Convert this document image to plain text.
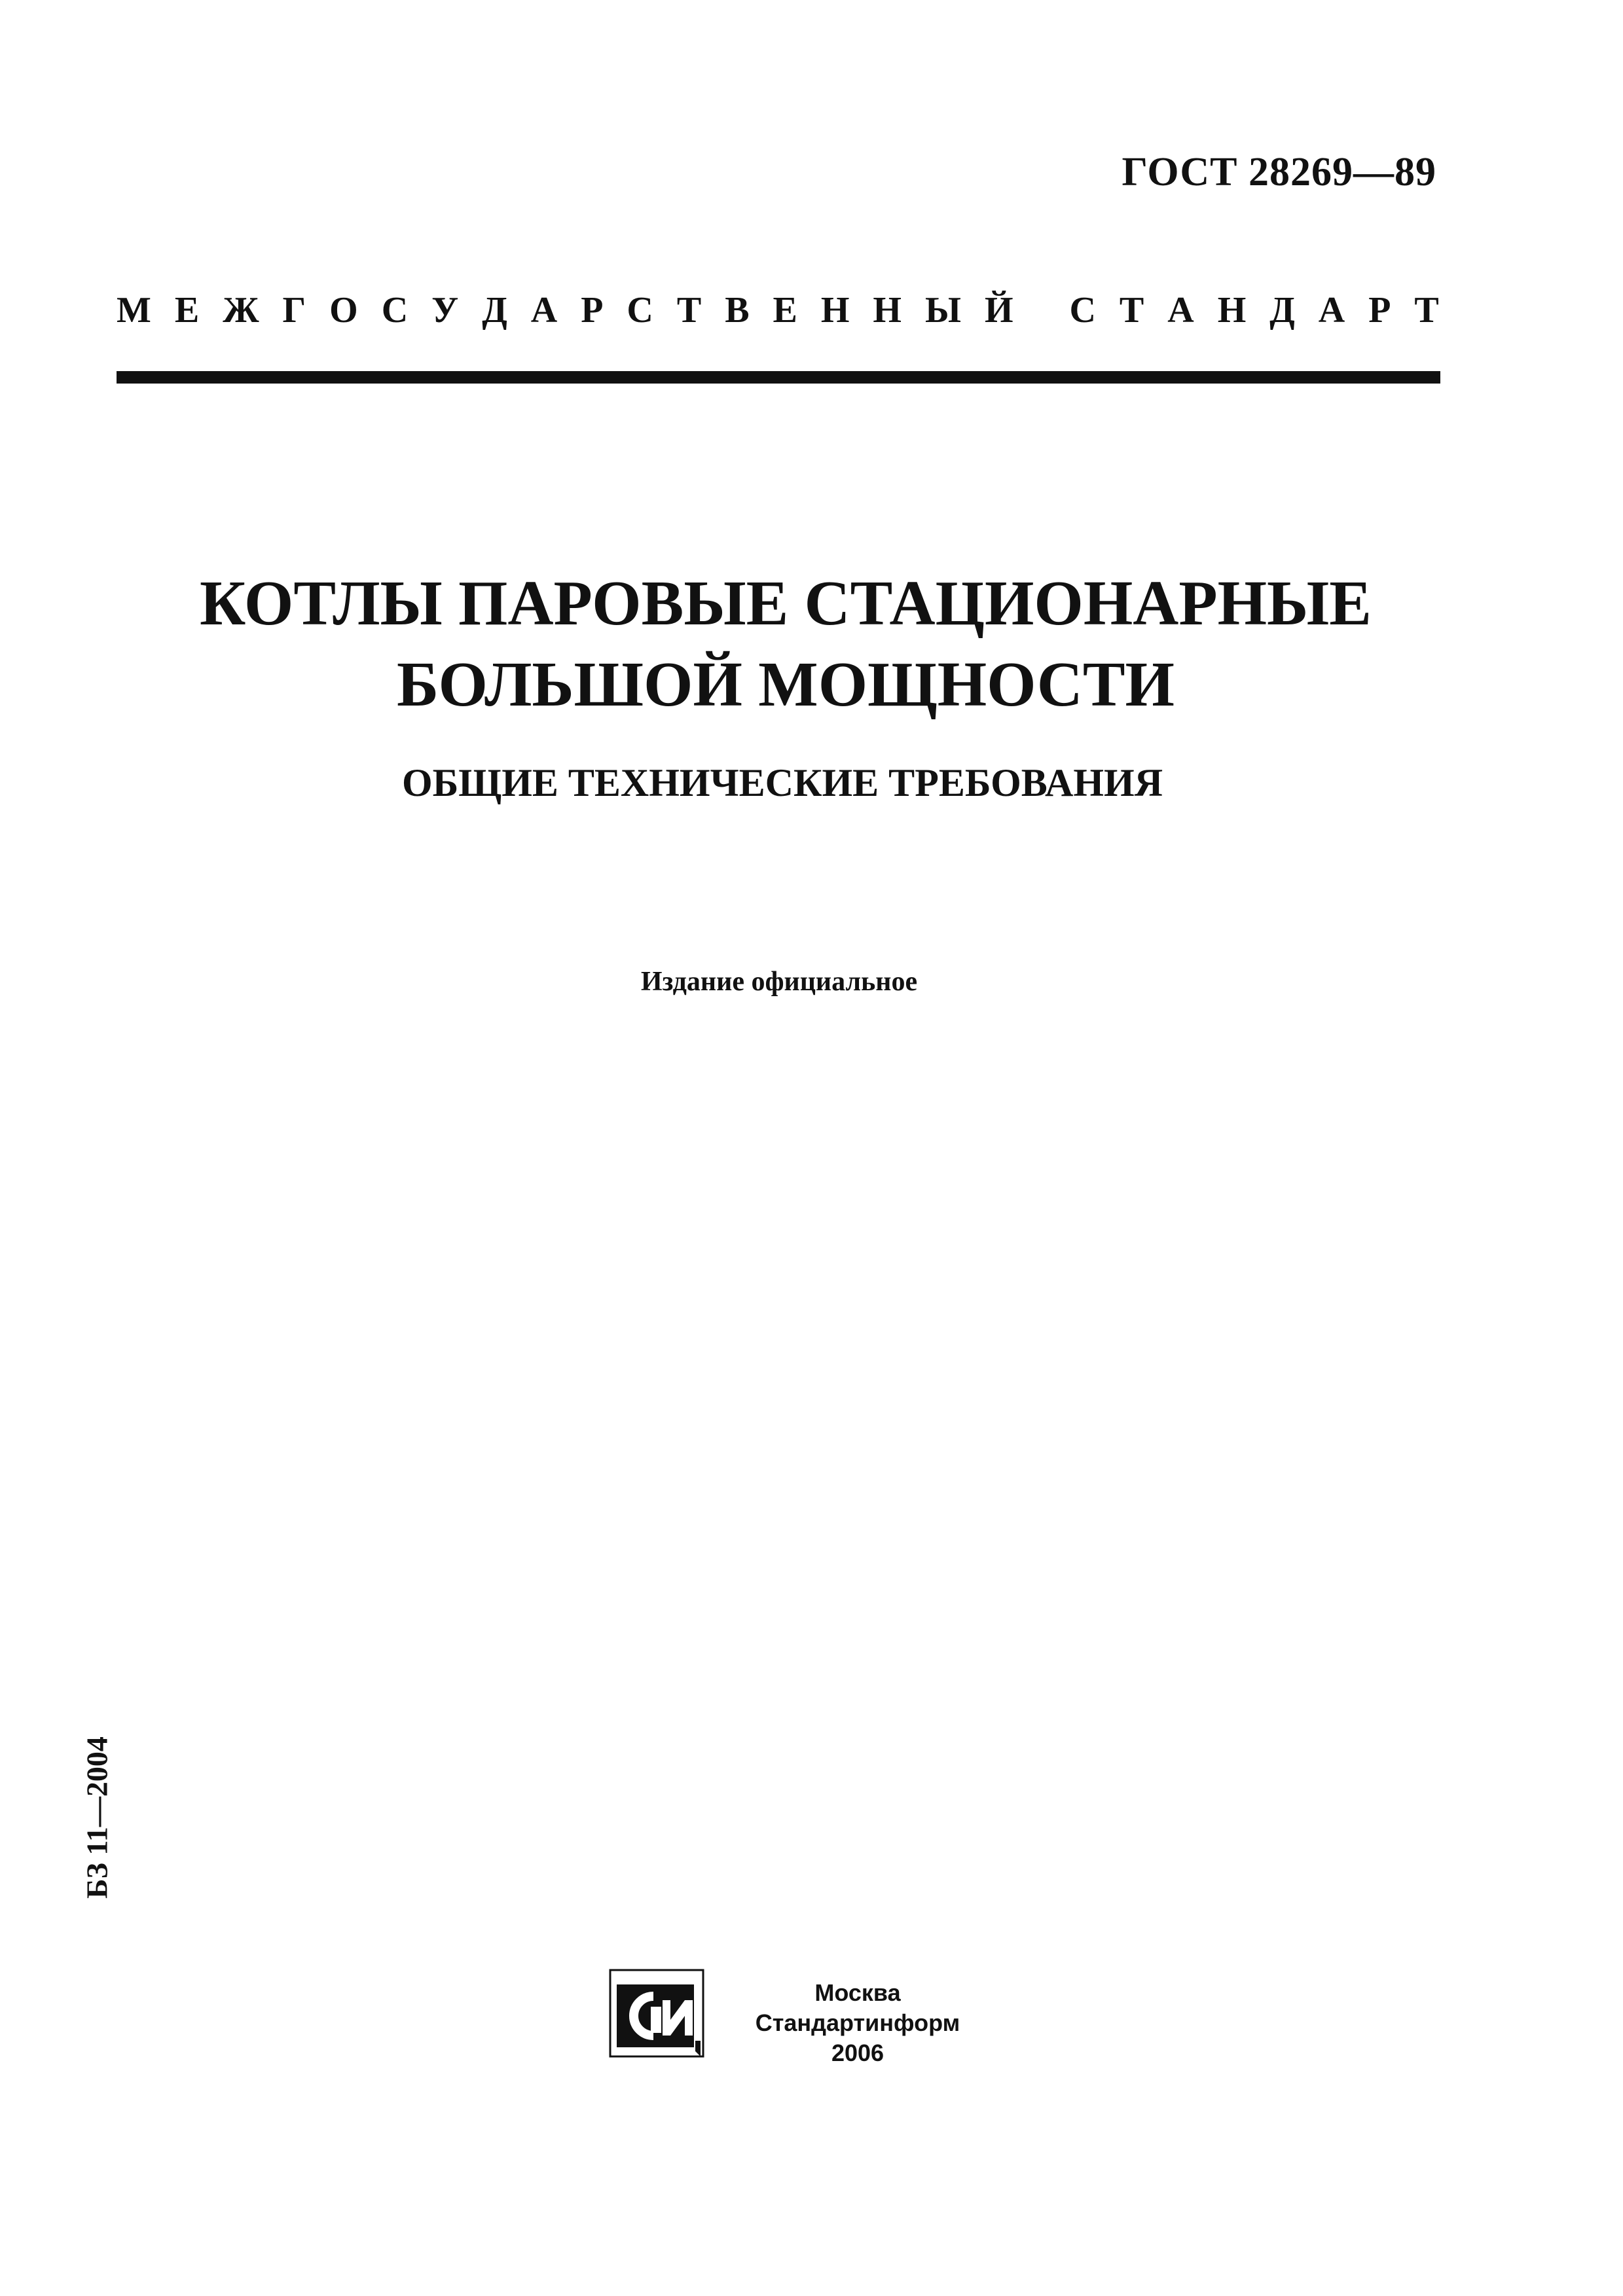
ГОСТ 28269—89
М Е Ж Г О С У Д А Р С Т В Е Н Н Ы Й
С Т А Н Д А Р Т
КОТЛЫ ПАРОВЫЕ СТАЦИОНАРНЫЕ
БОЛЬШОЙ МОЩНОСТИ
ОБЩИЕ ТЕХНИЧЕСКИЕ ТРЕБОВАНИЯ
Издание официальное
БЗ 11—2004
Москва
Стандартинформ
2006
